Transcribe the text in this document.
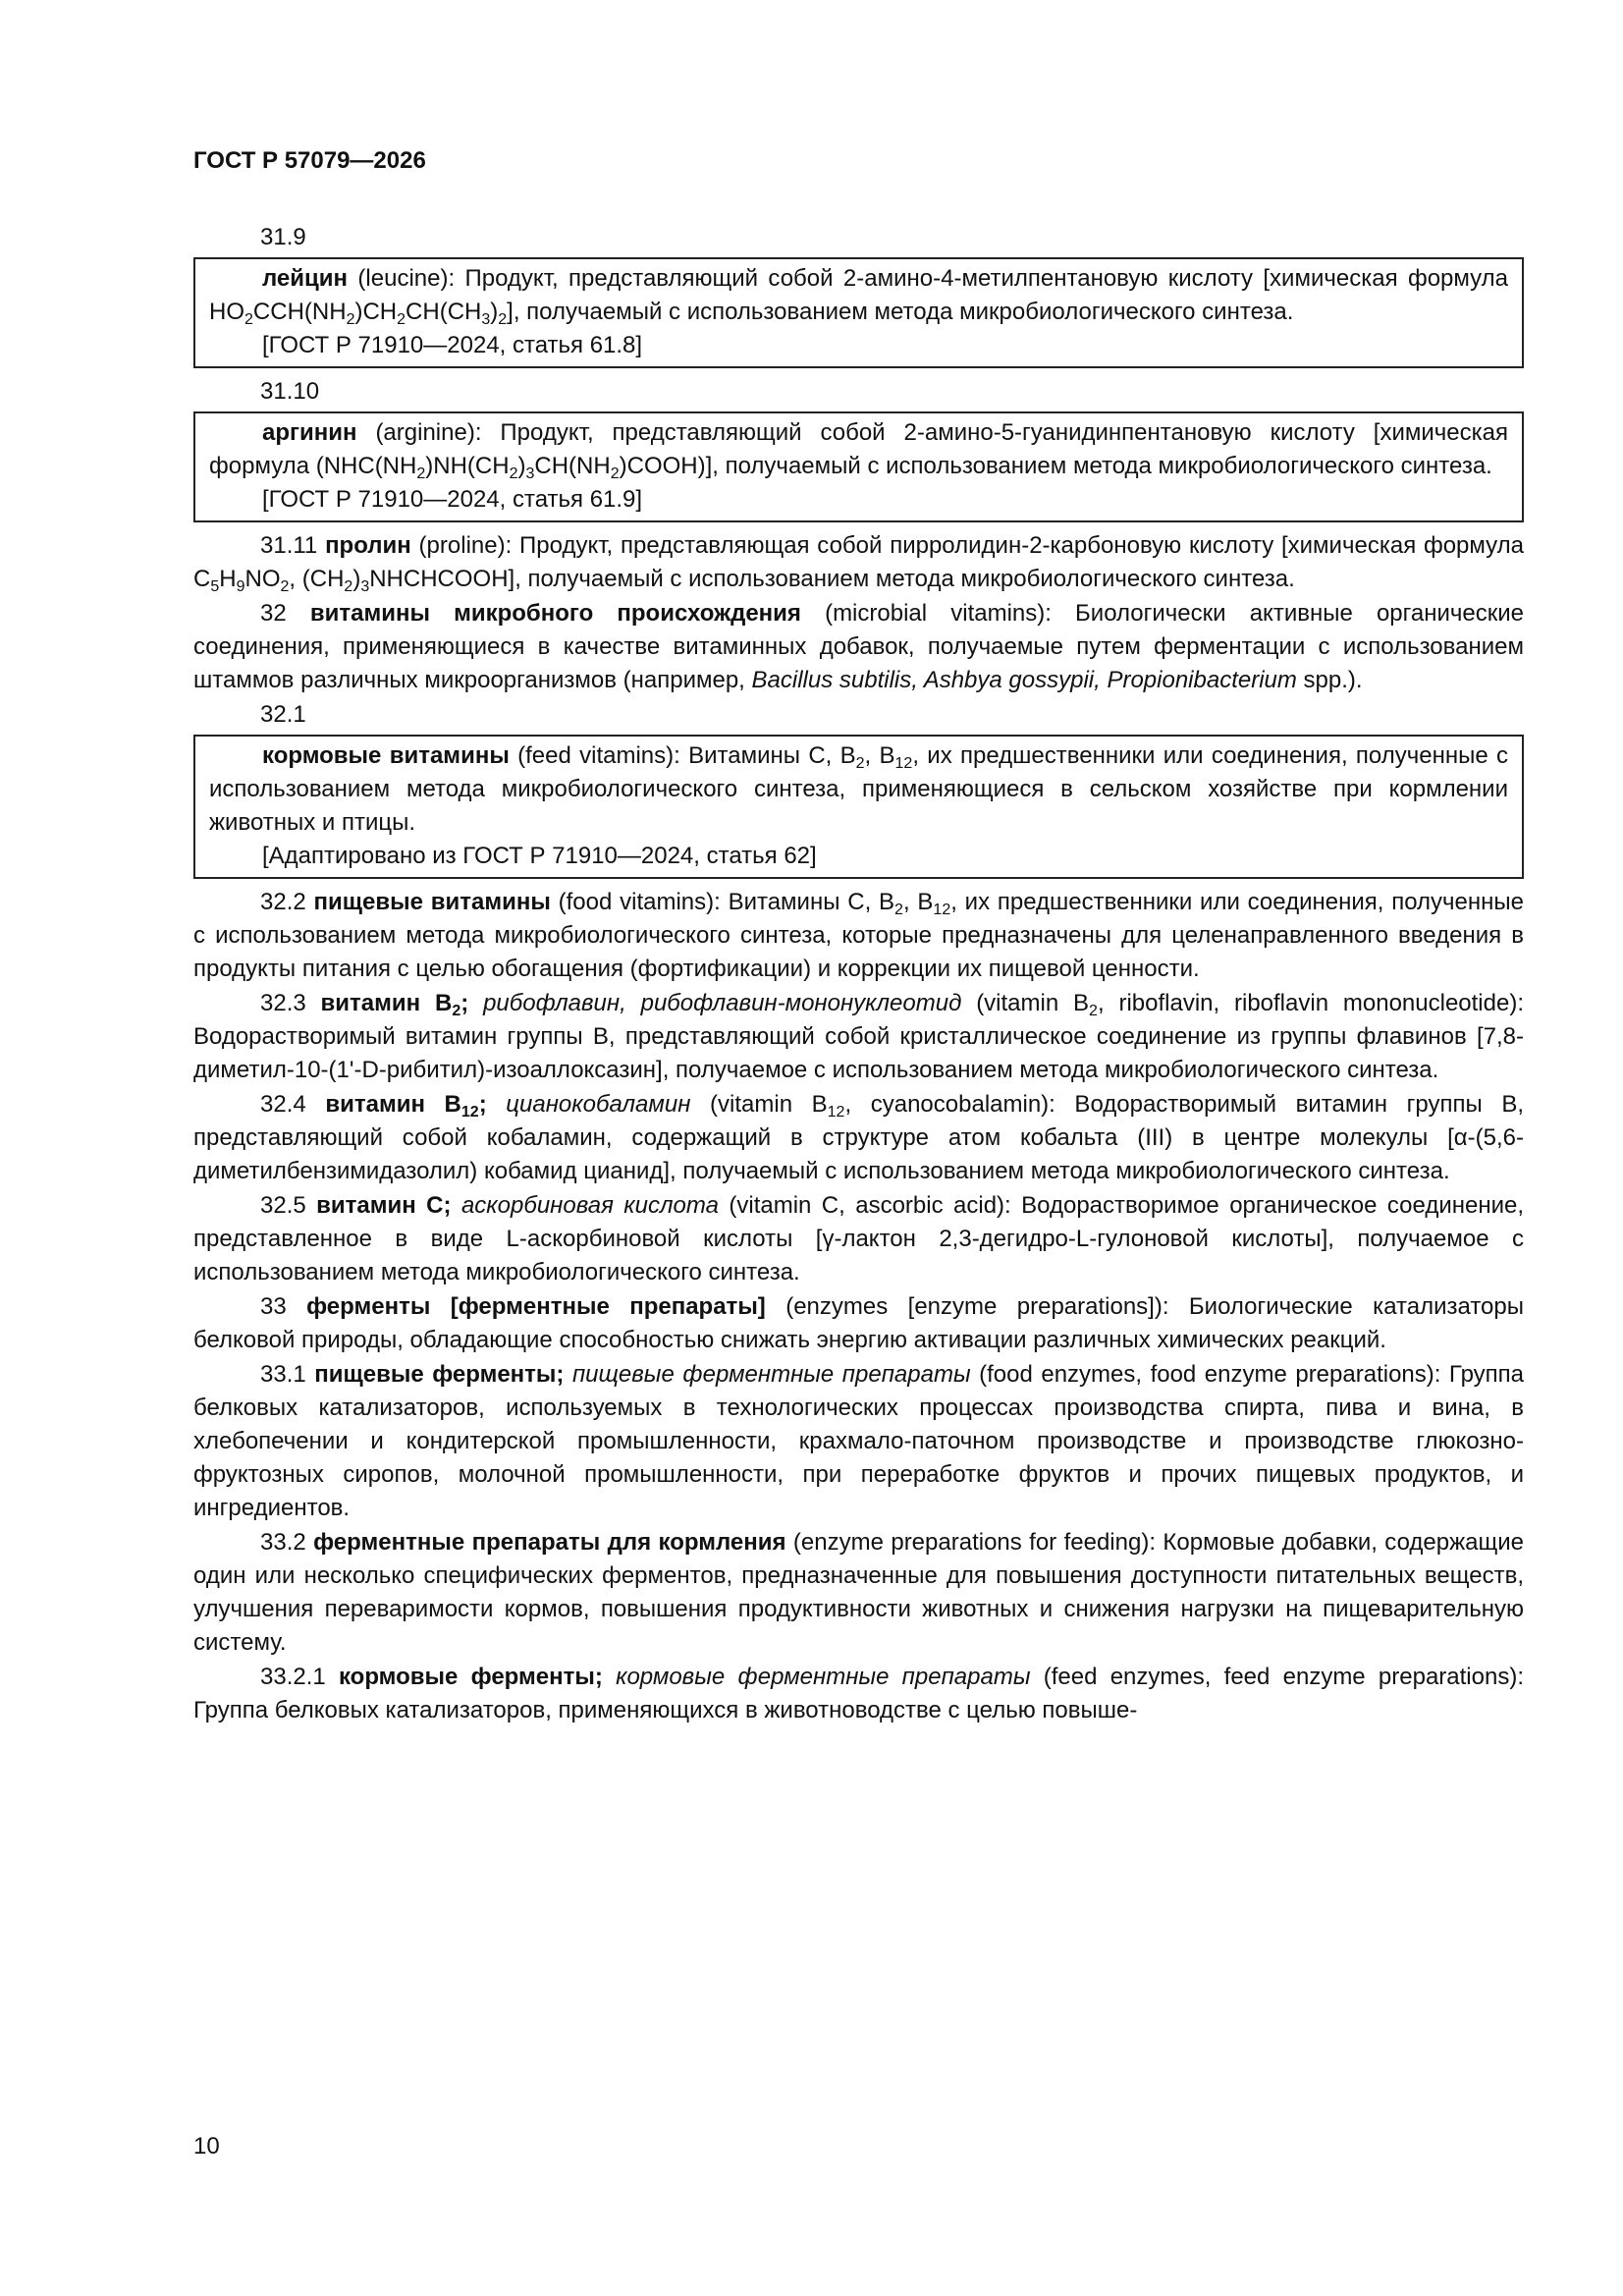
ГОСТ Р 57079—2026

31.9

лейцин (leucine): Продукт, представляющий собой 2-амино-4-метилпентановую кислоту [химическая формула $HO_2CCH(NH_2)CH_2CH(CH_3)_2$], получаемый с использованием метода микробиологического синтеза.

[ГОСТ Р 71910—2024, статья 61.8]

31.10

аргинин (arginine): Продукт, представляющий собой 2-амино-5-гуанидинпентановую кислоту [химическая формула $(NHC(NH_2)NH(CH_2)_3CH(NH_2)COOH)$], получаемый с использованием метода микробиологического синтеза.

[ГОСТ Р 71910—2024, статья 61.9]

31.11 пролин (proline): Продукт, представляющая собой пирролидин-2-карбоновую кислоту [химическая формула $C_5H_9NO_2$, $(CH_2)_3NHCHCOOH$], получаемый с использованием метода микробиологического синтеза.

32 витамины микробного происхождения (microbial vitamins): Биологически активные органические соединения, применяющиеся в качестве витаминных добавок, получаемые путем ферментации с использованием штаммов различных микроорганизмов (например, Bacillus subtilis, Ashbya gossypii, Propionibacterium spp.).

32.1

кормовые витамины (feed vitamins): Витамины С, $В_2$, $В_{12}$, их предшественники или соединения, полученные с использованием метода микробиологического синтеза, применяющиеся в сельском хозяйстве при кормлении животных и птицы.

[Адаптировано из ГОСТ Р 71910—2024, статья 62]

32.2 пищевые витамины (food vitamins): Витамины С, $В_2$, $В_{12}$, их предшественники или соединения, полученные с использованием метода микробиологического синтеза, которые предназначены для целенаправленного введения в продукты питания с целью обогащения (фортификации) и коррекции их пищевой ценности.

32.3 витамин $В_2$; рибофлавин, рибофлавин-мононуклеотид (vitamin $B_2$, riboflavin, riboflavin mononucleotide): Водорастворимый витамин группы В, представляющий собой кристаллическое соединение из группы флавинов [7,8-диметил-10-(1'-D-рибитил)-изоаллоксазин], получаемое с использованием метода микробиологического синтеза.

32.4 витамин $В_{12}$; цианокобаламин (vitamin $B_{12}$, cyanocobalamin): Водорастворимый витамин группы В, представляющий собой кобаламин, содержащий в структуре атом кобальта (III) в центре молекулы [α-(5,6-диметилбензимидазолил) кобамид цианид], получаемый с использованием метода микробиологического синтеза.

32.5 витамин С; аскорбиновая кислота (vitamin C, ascorbic acid): Водорастворимое органическое соединение, представленное в виде L-аскорбиновой кислоты [γ-лактон 2,3-дегидро-L-гулоновой кислоты], получаемое с использованием метода микробиологического синтеза.

33 ферменты [ферментные препараты] (enzymes [enzyme preparations]): Биологические катализаторы белковой природы, обладающие способностью снижать энергию активации различных химических реакций.

33.1 пищевые ферменты; пищевые ферментные препараты (food enzymes, food enzyme preparations): Группа белковых катализаторов, используемых в технологических процессах производства спирта, пива и вина, в хлебопечении и кондитерской промышленности, крахмало-паточном производстве и производстве глюкозно-фруктозных сиропов, молочной промышленности, при переработке фруктов и прочих пищевых продуктов, и ингредиентов.

33.2 ферментные препараты для кормления (enzyme preparations for feeding): Кормовые добавки, содержащие один или несколько специфических ферментов, предназначенные для повышения доступности питательных веществ, улучшения переваримости кормов, повышения продуктивности животных и снижения нагрузки на пищеварительную систему.

33.2.1 кормовые ферменты; кормовые ферментные препараты (feed enzymes, feed enzyme preparations): Группа белковых катализаторов, применяющихся в животноводстве с целью повыше-

10
